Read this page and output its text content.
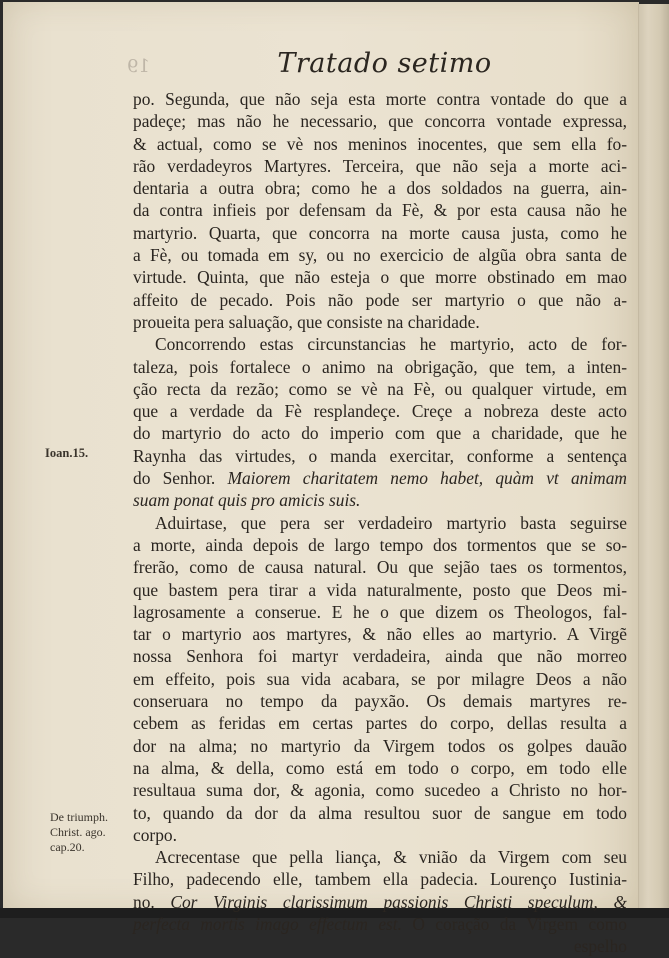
19	Tratado setimo
Ioan.15.
De triumph.
Christ. ago.
cap.20.
po. Segunda, que não seja esta morte contra vontade do que a
padeçe; mas não he necessario, que concorra vontade expressa,
& actual, como se vè nos meninos inocentes, que sem ella fo-
rão verdadeyros Martyres. Terceira, que não seja a morte aci-
dentaria a outra obra; como he a dos soldados na guerra, ain-
da contra infieis por defensam da Fè, & por esta causa não he
martyrio. Quarta, que concorra na morte causa justa, como he
a Fè, ou tomada em sy, ou no exercicio de algũa obra santa de
virtude. Quinta, que não esteja o que morre obstinado em mao
affeito de pecado. Pois não pode ser martyrio o que não a-
proueita pera saluação, que consiste na charidade.
Concorrendo estas circunstancias he martyrio, acto de for-
taleza, pois fortalece o animo na obrigação, que tem, a inten-
ção recta da rezão; como se vè na Fè, ou qualquer virtude, em
que a verdade da Fè resplandeçe. Creçe a nobreza deste acto
do martyrio do acto do imperio com que a charidade, que he
Raynha das virtudes, o manda exercitar, conforme a sentença
do Senhor. Maiorem charitatem nemo habet, quàm vt animam
suam ponat quis pro amicis suis.
Aduirtase, que pera ser verdadeiro martyrio basta seguirse
a morte, ainda depois de largo tempo dos tormentos que se so-
frerão, como de causa natural. Ou que sejão taes os tormentos,
que bastem pera tirar a vida naturalmente, posto que Deos mi-
lagrosamente a conserue. E he o que dizem os Theologos, fal-
tar o martyrio aos martyres, & não elles ao martyrio. A Virgẽ
nossa Senhora foi martyr verdadeira, ainda que não morreo
em effeito, pois sua vida acabara, se por milagre Deos a não
conseruara no tempo da payxão. Os demais martyres re-
cebem as feridas em certas partes do corpo, dellas resulta a
dor na alma; no martyrio da Virgem todos os golpes dauão
na alma, & della, como está em todo o corpo, em todo elle
resultaua suma dor, & agonia, como sucedeo a Christo no hor-
to, quando da dor da alma resultou suor de sangue em todo
corpo.
Acrecentase que pella liança, & vnião da Virgem com seu
Filho, padecendo elle, tambem ella padecia. Lourenço Iustinia-
no. Cor Virginis clarissimum passionis Christi speculum, &
perfecta mortis imago effectum est. O coração da Virgem como
espelho
